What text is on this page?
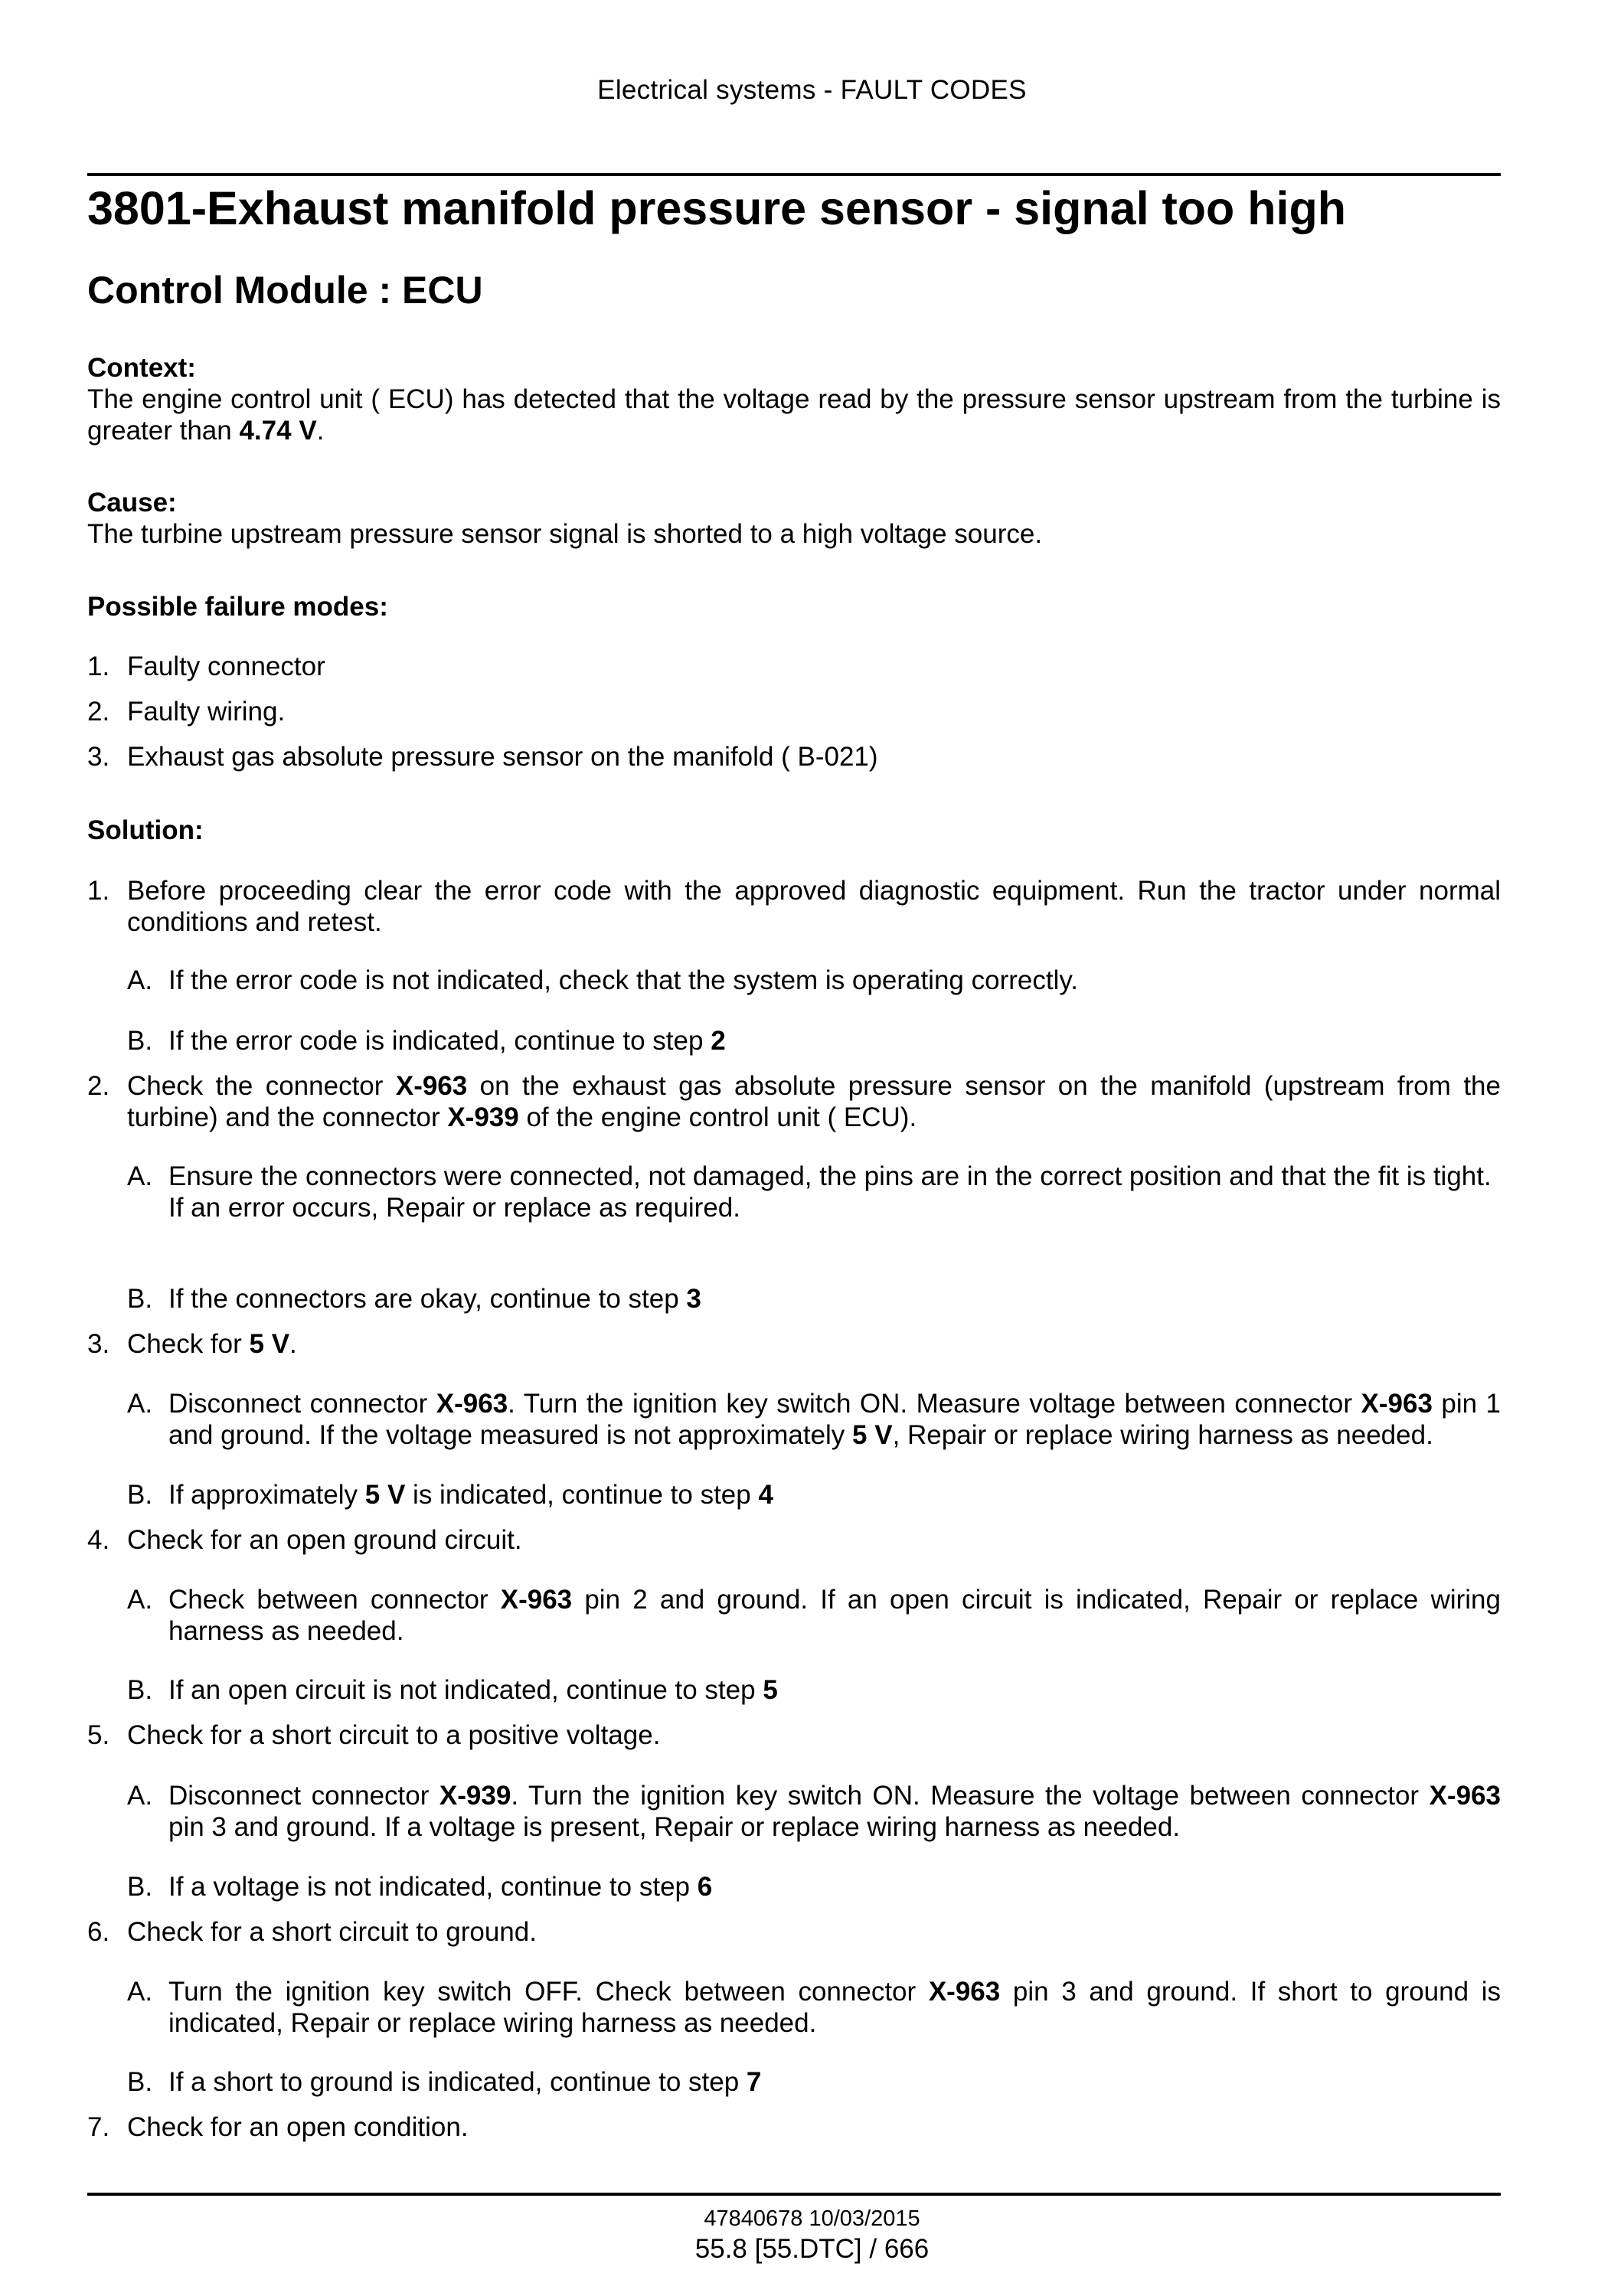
Electrical systems - FAULT CODES
3801-Exhaust manifold pressure sensor - signal too high
Control Module : ECU
Context:
The engine control unit ( ECU) has detected that the voltage read by the pressure sensor upstream from the turbine is greater than 4.74 V.
Cause:
The turbine upstream pressure sensor signal is shorted to a high voltage source.
Possible failure modes:
1. Faulty connector
2. Faulty wiring.
3. Exhaust gas absolute pressure sensor on the manifold ( B-021)
Solution:
1. Before proceeding clear the error code with the approved diagnostic equipment. Run the tractor under normal conditions and retest.
A. If the error code is not indicated, check that the system is operating correctly.
B. If the error code is indicated, continue to step 2
2. Check the connector X-963 on the exhaust gas absolute pressure sensor on the manifold (upstream from the turbine) and the connector X-939 of the engine control unit ( ECU).
A. Ensure the connectors were connected, not damaged, the pins are in the correct position and that the fit is tight.
If an error occurs, Repair or replace as required.
B. If the connectors are okay, continue to step 3
3. Check for 5 V.
A. Disconnect connector X-963. Turn the ignition key switch ON. Measure voltage between connector X-963 pin 1 and ground. If the voltage measured is not approximately 5 V, Repair or replace wiring harness as needed.
B. If approximately 5 V is indicated, continue to step 4
4. Check for an open ground circuit.
A. Check between connector X-963 pin 2 and ground. If an open circuit is indicated, Repair or replace wiring harness as needed.
B. If an open circuit is not indicated, continue to step 5
5. Check for a short circuit to a positive voltage.
A. Disconnect connector X-939. Turn the ignition key switch ON. Measure the voltage between connector X-963 pin 3 and ground. If a voltage is present, Repair or replace wiring harness as needed.
B. If a voltage is not indicated, continue to step 6
6. Check for a short circuit to ground.
A. Turn the ignition key switch OFF. Check between connector X-963 pin 3 and ground. If short to ground is indicated, Repair or replace wiring harness as needed.
B. If a short to ground is indicated, continue to step 7
7. Check for an open condition.
47840678 10/03/2015
55.8 [55.DTC] / 666
